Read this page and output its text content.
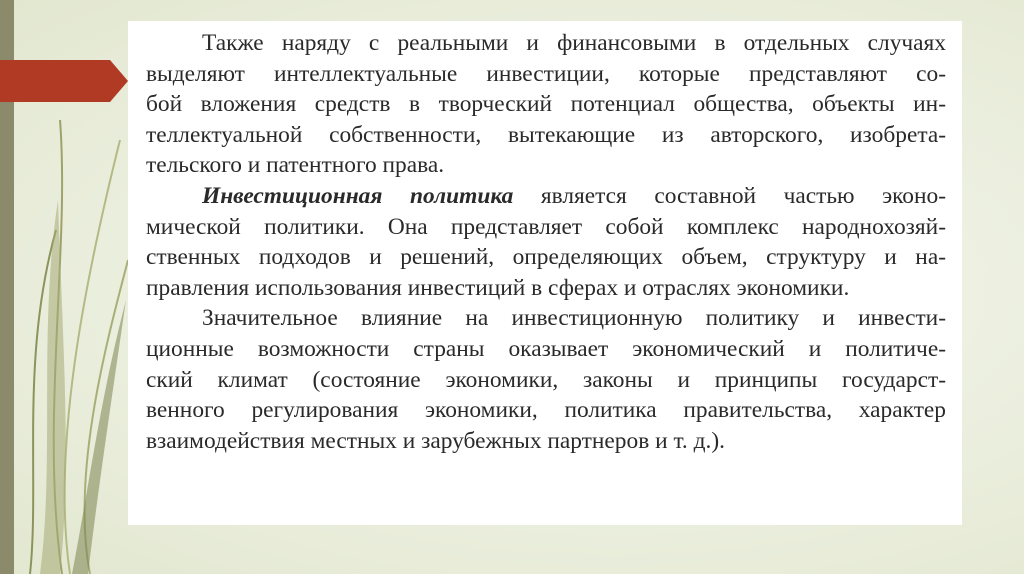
Также наряду с реальными и финансовыми в отдельных случаях
выделяют интеллектуальные инвестиции, которые представляют со-
бой вложения средств в творческий потенциал общества, объекты ин-
теллектуальной собственности, вытекающие из авторского, изобрета-
тельского и патентного права.
Инвестиционная политика является составной частью эконо-
мической политики. Она представляет собой комплекс народнохозяй-
ственных подходов и решений, определяющих объем, структуру и на-
правления использования инвестиций в сферах и отраслях экономики.
Значительное влияние на инвестиционную политику и инвести-
ционные возможности страны оказывает экономический и политиче-
ский климат (состояние экономики, законы и принципы государст-
венного регулирования экономики, политика правительства, характер
взаимодействия местных и зарубежных партнеров и т. д.).
